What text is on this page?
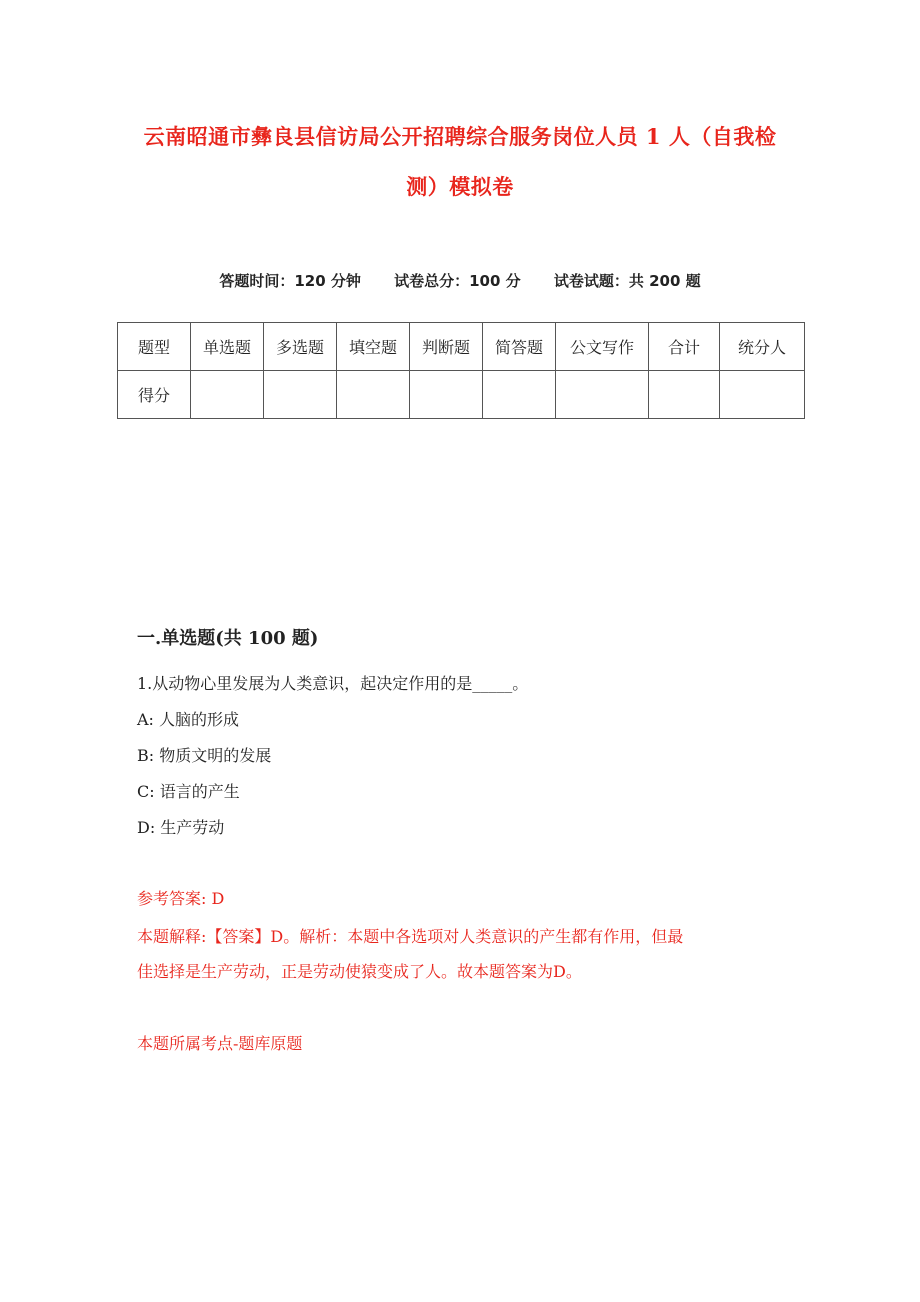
云南昭通市彝良县信访局公开招聘综合服务岗位人员 1 人（自我检
测）模拟卷
答题时间：120 分钟 试卷总分：100 分 试卷试题：共 200 题
题型	单选题	多选题	填空题	判断题	简答题	公文写作	合计	统分人
得分								
一.单选题(共 100 题)
1.从动物心里发展为人类意识，起决定作用的是_____。
A: 人脑的形成
B: 物质文明的发展
C: 语言的产生
D: 生产劳动
参考答案: D
本题解释:【答案】D。解析：本题中各选项对人类意识的产生都有作用，但最
佳选择是生产劳动，正是劳动使猿变成了人。故本题答案为D。
本题所属考点-题库原题
